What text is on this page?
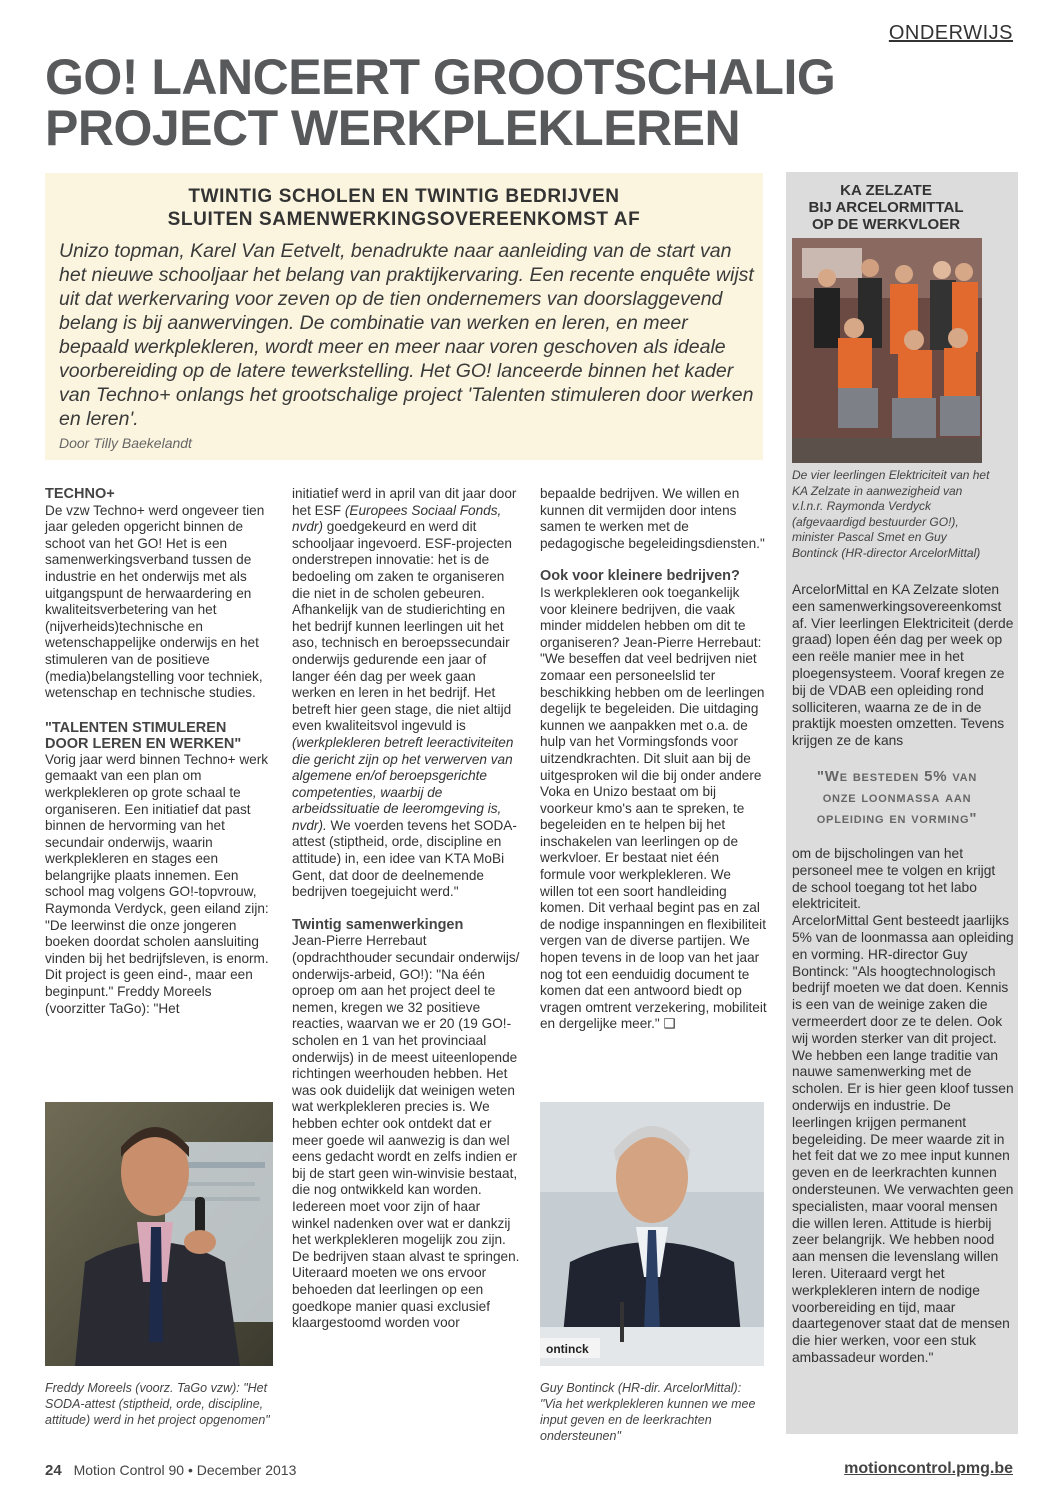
ONDERWIJS
GO! LANCEERT GROOTSCHALIG
PROJECT WERKPLEKLEREN
TWINTIG SCHOLEN EN TWINTIG BEDRIJVEN
SLUITEN SAMENWERKINGSOVEREENKOMST AF
Unizo topman, Karel Van Eetvelt, benadrukte naar aanleiding van de start van het nieuwe schooljaar het belang van praktijkervaring. Een recente enquête wijst uit dat werkervaring voor zeven op de tien ondernemers van doorslaggevend belang is bij aanwervingen. De combinatie van werken en leren, en meer bepaald werkplekleren, wordt meer en meer naar voren geschoven als ideale voorbereiding op de latere tewerkstelling. Het GO! lanceerde binnen het kader van Techno+ onlangs het grootschalige project 'Talenten stimuleren door werken en leren'.
Door Tilly Baekelandt

TECHNO+

De vzw Techno+ werd ongeveer tien jaar geleden opgericht binnen de schoot van het GO! Het is een samenwerkingsverband tussen de industrie en het onderwijs met als uitgangspunt de herwaardering en kwaliteitsverbetering van het (nijverheids)technische en wetenschappelijke onderwijs en het stimuleren van de positieve (media)belangstelling voor techniek, wetenschap en technische studies.

"TALENTEN STIMULEREN
DOOR LEREN EN WERKEN"

Vorig jaar werd binnen Techno+ werk gemaakt van een plan om werkplekleren op grote schaal te organiseren. Een initiatief dat past binnen de hervorming van het secundair onderwijs, waarin werkplekleren en stages een belangrijke plaats innemen. Een school mag volgens GO!-topvrouw, Raymonda Verdyck, geen eiland zijn: "De leerwinst die onze jongeren boeken doordat scholen aansluiting vinden bij het bedrijfsleven, is enorm. Dit project is geen eind-, maar een beginpunt." Freddy Moreels (voorzitter TaGo): "Het

Freddy Moreels (voorz. TaGo vzw): "Het SODA-attest (stiptheid, orde, discipline, attitude) werd in het project opgenomen"

initiatief werd in april van dit jaar door het ESF (Europees Sociaal Fonds, nvdr) goedgekeurd en werd dit schooljaar ingevoerd. ESF-projecten onderstrepen innovatie: het is de bedoeling om zaken te organiseren die niet in de scholen gebeuren. Afhankelijk van de studierichting en het bedrijf kunnen leerlingen uit het aso, technisch en beroepssecundair onderwijs gedurende een jaar of langer één dag per week gaan werken en leren in het bedrijf. Het betreft hier geen stage, die niet altijd even kwaliteitsvol ingevuld is (werkplekleren betreft leeractiviteiten die gericht zijn op het verwerven van algemene en/of beroepsgerichte competenties, waarbij de arbeidssituatie de leeromgeving is, nvdr). We voerden tevens het SODA-attest (stiptheid, orde, discipline en attitude) in, een idee van KTA MoBi Gent, dat door de deelnemende bedrijven toegejuicht werd."

Twintig samenwerkingen

Jean-Pierre Herrebaut (opdrachthouder secundair onderwijs/ onderwijs-arbeid, GO!): "Na één oproep om aan het project deel te nemen, kregen we 32 positieve reacties, waarvan we er 20 (19 GO!-scholen en 1 van het provinciaal onderwijs) in de meest uiteenlopende richtingen weerhouden hebben. Het was ook duidelijk dat weinigen weten wat werkplekleren precies is. We hebben echter ook ontdekt dat er meer goede wil aanwezig is dan wel eens gedacht wordt en zelfs indien er bij de start geen win-winvisie bestaat, die nog ontwikkeld kan worden. Iedereen moet voor zijn of haar winkel nadenken over wat er dankzij het werkplekleren mogelijk zou zijn. De bedrijven staan alvast te springen. Uiteraard moeten we ons ervoor behoeden dat leerlingen op een goedkope manier quasi exclusief klaargestoomd worden voor

bepaalde bedrijven. We willen en kunnen dit vermijden door intens samen te werken met de pedagogische begeleidingsdiensten."

Ook voor kleinere bedrijven?

Is werkplekleren ook toegankelijk voor kleinere bedrijven, die vaak minder middelen hebben om dit te organiseren? Jean-Pierre Herrebaut: "We beseffen dat veel bedrijven niet zomaar een personeelslid ter beschikking hebben om de leerlingen degelijk te begeleiden. Die uitdaging kunnen we aanpakken met o.a. de hulp van het Vormingsfonds voor uitzendkrachten. Dit sluit aan bij de uitgesproken wil die bij onder andere Voka en Unizo bestaat om bij voorkeur kmo's aan te spreken, te begeleiden en te helpen bij het inschakelen van leerlingen op de werkvloer. Er bestaat niet één formule voor werkplekleren. We willen tot een soort handleiding komen. Dit verhaal begint pas en zal de nodige inspanningen en flexibiliteit vergen van de diverse partijen. We hopen tevens in de loop van het jaar nog tot een eenduidig document te komen dat een antwoord biedt op vragen omtrent verzekering, mobiliteit en dergelijke meer." ❑

ontinck
Guy Bontinck (HR-dir. ArcelorMittal): "Via het werkplekleren kunnen we mee input geven en de leerkrachten ondersteunen"
KA ZELZATE
BIJ ARCELORMITTAL
OP DE WERKVLOER
De vier leerlingen Elektriciteit van het KA Zelzate in aanwezigheid van v.l.n.r. Raymonda Verdyck (afgevaardigd bestuurder GO!), minister Pascal Smet en Guy Bontinck (HR-director ArcelorMittal)
ArcelorMittal en KA Zelzate sloten een samenwerkingsovereenkomst af. Vier leerlingen Elektriciteit (derde graad) lopen één dag per week op een reële manier mee in het ploegensysteem. Vooraf kregen ze bij de VDAB een opleiding rond solliciteren, waarna ze de in de praktijk moesten omzetten. Tevens krijgen ze de kans
"We besteden 5% van
onze loonmassa aan
opleiding en vorming"

om de bijscholingen van het personeel mee te volgen en krijgt de school toegang tot het labo elektriciteit.

ArcelorMittal Gent besteedt jaarlijks 5% van de loonmassa aan opleiding en vorming. HR-director Guy Bontinck: "Als hoogtechnologisch bedrijf moeten we dat doen. Kennis is een van de weinige zaken die vermeerdert door ze te delen. Ook wij worden sterker van dit project. We hebben een lange traditie van nauwe samenwerking met de scholen. Er is hier geen kloof tussen onderwijs en industrie. De leerlingen krijgen permanent begeleiding. De meer waarde zit in het feit dat we zo mee input kunnen geven en de leerkrachten kunnen ondersteunen. We verwachten geen specialisten, maar vooral mensen die willen leren. Attitude is hierbij zeer belangrijk. We hebben nood aan mensen die levenslang willen leren. Uiteraard vergt het werkplekleren intern de nodige voorbereiding en tijd, maar daartegenover staat dat de mensen die hier werken, voor een stuk ambassadeur worden."

24 Motion Control 90 • December 2013	motioncontrol.pmg.be
